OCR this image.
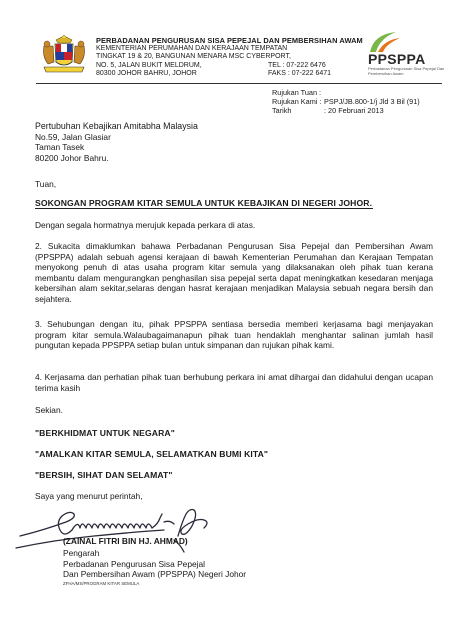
PERBADANAN PENGURUSAN SISA PEPEJAL DAN PEMBERSIHAN AWAM
KEMENTERIAN PERUMAHAN DAN KERAJAAN TEMPATAN
TINGKAT 19 & 20, BANGUNAN MENARA MSC CYBERPORT,
NO. 5, JALAN BUKIT MELDRUM,	TEL : 07-222 6476
80300 JOHOR BAHRU, JOHOR	FAKS : 07-222 6471
PPSPPA
Perbadanan Pengurusan Sisa Pepejal Dan Pembersihan Awam
Rujukan Tuan :
Rujukan Kami : PSPJ/JB.800-1/j Jld 3 Bil (91)
Tarikh	: 20 Februari 2013
Pertubuhan Kebajikan Amitabha Malaysia
No.59, Jalan Glasiar
Taman Tasek
80200 Johor Bahru.
Tuan,
SOKONGAN PROGRAM KITAR SEMULA UNTUK KEBAJIKAN DI NEGERI JOHOR.
Dengan segala hormatnya merujuk kepada perkara di atas.
2. Sukacita dimaklumkan bahawa Perbadanan Pengurusan Sisa Pepejal dan Pembersihan Awam (PPSPPA) adalah sebuah agensi kerajaan di bawah Kementerian Perumahan dan Kerajaan Tempatan menyokong penuh di atas usaha program kitar semula yang dilaksanakan oleh pihak tuan kerana membantu dalam mengurangkan penghasilan sisa pepejal serta dapat meningkatkan kesedaran menjaga kebersihan alam sekitar,selaras dengan hasrat kerajaan menjadikan Malaysia sebuah negara bersih dan sejahtera.
3. Sehubungan dengan itu, pihak PPSPPA sentiasa bersedia memberi kerjasama bagi menjayakan program kitar semula.Walaubagaimanapun pihak tuan hendaklah menghantar salinan jumlah hasil pungutan kepada PPSPPA setiap bulan untuk simpanan dan rujukan pihak kami.
4. Kerjasama dan perhatian pihak tuan berhubung perkara ini amat dihargai dan didahului dengan ucapan terima kasih
Sekian.
"BERKHIDMAT UNTUK NEGARA"
"AMALKAN KITAR SEMULA, SELAMATKAN BUMI KITA"
"BERSIH, SIHAT DAN SELAMAT"
Saya yang menurut perintah,
(ZAINAL FITRI BIN HJ. AHMAD)
Pengarah
Perbadanan Pengurusan Sisa Pepejal
Dan Pembersihan Awam (PPSPPA) Negeri Johor
ZFHA/MS/PROGRAM KITAR SEMULA
